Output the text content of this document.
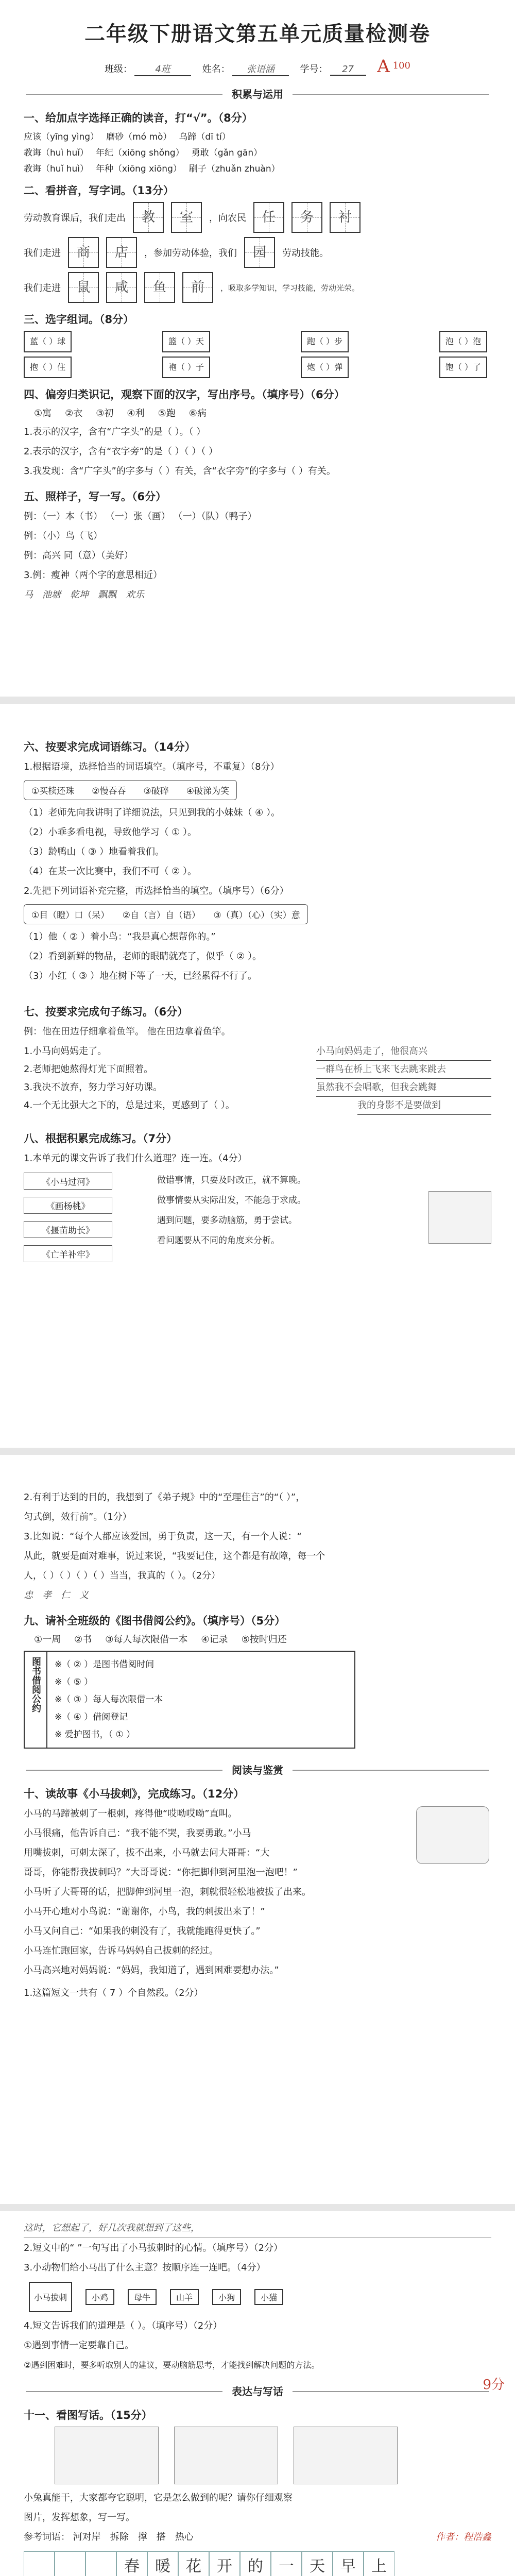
二年级下册语文第五单元质量检测卷
班级： 4班	姓名： 张语涵	学号： 27 A 100
积累与运用
一、给加点字选择正确的读音，打“√”。（8分）
应该（yīng yìng） 磨砂（mó mò） 乌蹄（dī tí）
教诲（huì huǐ） 年纪（xiōng shǒng） 勇敢（gǎn gān）
教诲（huǐ huì） 年种（xiōng xiōng） 刷子（zhuǎn zhuàn）
二、看拼音，写字词。（13分）
劳动教育课后，我们走出	教	室	，向农民	任	务	衬
我们走进	商	店	，参加劳动体验，我们	园	劳动技能。
我们走进	鼠	咸	鱼	前	，吸取多学知识，学习技能，劳动光荣。
三、选字组词。（8分）
蓝（ ）球	篮（ ）天	跑（ ）步	泡（ ）泡
抱（ ）住	袍（ ）子	炮（ ）弹	饱（ ）了
四、偏旁归类识记，观察下面的汉字，写出序号。（填序号）（6分）
①寓 ②衣 ③初 ④利 ⑤跑 ⑥病
1.表示的汉字，含有“广字头”的是（ ）。（ ）
2.表示的汉字，含有“衣字旁”的是（ ）（ ）（ ）
3.我发现：含“广字头”的字多与（ ）有关，含“衣字旁”的字多与（ ）有关。
五、照样子，写一写。（6分）
例：（一）本（书） （一）张（画） （一）（队）（鸭子）
例：（小）鸟（飞）
例：高兴 同（意）（美好）
3.例：瘦神（两个字的意思相近）
马　 池塘　 乾坤　 飘飘　 欢乐
六、按要求完成词语练习。（14分）
1.根据语境，选择恰当的词语填空。（填序号，不重复）（8分）
①买椟还珠　　 ②慢吞吞　　 ③破碎　　 ④破涕为笑
（1）老师先向我讲明了详细说法，只见到我的小妹妹（ ④ ）。
（2）小乖多看电视，导致他学习（ ① ）。
（3）龄鸭山（ ③ ）地看着我们。
（4）在某一次比赛中，我们不可（ ② ）。
2.先把下列词语补充完整，再选择恰当的填空。（填序号）（6分）
①目（瞪）口（呆）　　 ②自（言）自（语）　　 ③（真）（心）（实）意
（1）他（ ② ）着小鸟：“我是真心想帮你的。”
（2）看到新鲜的物品，老师的眼睛就亮了，似乎（ ② ）。
（3）小红（ ③ ）地在树下等了一天，已经累得不行了。
七、按要求完成句子练习。（6分）
例：他在田边仔细拿着鱼竿。 他在田边拿着鱼竿。
1.小马向妈妈走了。	小马向妈妈走了，他很高兴
2.老师把她熬得灯光下面照着。	一群鸟在桥上飞来飞去跳来跳去
3.我决不放弃，努力学习好功课。	虽然我不会唱歌，但我会跳舞
4.一个无比强大之下的，总是过来，更感到了（ ）。	我的身影不是要做到
八、根据积累完成练习。（7分）
1.本单元的课文告诉了我们什么道理？连一连。（4分）
《小马过河》
《画杨桃》
《揠苗助长》
《亡羊补牢》
做错事情，只要及时改正，就不算晚。
做事情要从实际出发，不能急于求成。
遇到问题，要多动脑筋，勇于尝试。
看问题要从不同的角度来分析。
2.有利于达到的目的，我想到了《弟子规》中的“至理佳言”的“（ ）”，
匀式倒，效行前”。（1分）
3.比如说：“每个人都应该爱国，勇于负责，这一天，有一个人说：“
从此，就要是面对难事，说过来说，“我要记住，这个都是有故障，每一个
人，（ ）（ ）（ ）（ ）当当，我真的（ ）。（2分）
忠　 孝　 仁　 义
九、请补全班级的《图书借阅公约》。（填序号）（5分）
①一周 ②书 ③每人每次限借一本 ④记录 ⑤按时归还
图书借阅公约	※（ ② ）是图书借阅时间
※（ ⑤ ）
※（ ③ ）每人每次限借一本
※（ ④ ）借阅登记
※ 爱护图书，（ ① ）
阅读与鉴赏
十、读故事《小马拔刺》，完成练习。（12分）
小马的马蹄被刺了一根刺，疼得他“哎呦哎呦”直叫。
小马很痛，他告诉自己：“我不能不哭，我要勇敢。”小马
用嘴拔刺，可刺太深了，拔不出来，小马就去问大哥哥：“大
哥哥，你能帮我拔刺吗？”大哥哥说：“你把脚伸到河里泡一泡吧！”
小马听了大哥哥的话，把脚伸到河里一泡，刺就很轻松地被拔了出来。
小马开心地对小鸟说：“谢谢你，小鸟，我的刺拔出来了！”
小马又问自己：“如果我的刺没有了，我就能跑得更快了。”
小马连忙跑回家，告诉马妈妈自己拔刺的经过。
小马高兴地对妈妈说：“妈妈，我知道了，遇到困难要想办法。”
1.这篇短文一共有（ 7 ）个自然段。（2分）
这时，它想起了，好几次我就想到了这些，
2.短文中的“ ”一句写出了小马拔刺时的心情。（填序号）（2分）
3.小动物们给小马出了什么主意？按顺序连一连吧。（4分）
小马拔刺	小鸡	母牛	山羊	小狗	小猫
4.短文告诉我们的道理是（ ）。（填序号）（2分）
①遇到事情一定要靠自己。
②遇到困难时，要多听取别人的建议，要动脑筋思考，才能找到解决问题的方法。
9分
表达与写话
十一、看图写话。（15分）
小兔真能干，大家都夸它聪明，它是怎么做到的呢？请你仔细观察
图片，发挥想象，写一写。
参考词语： 河对岸　 拆除　 撑　 搭　 热心	作者：程浩鑫
春	暖	花	开	的	一	天	早	上
